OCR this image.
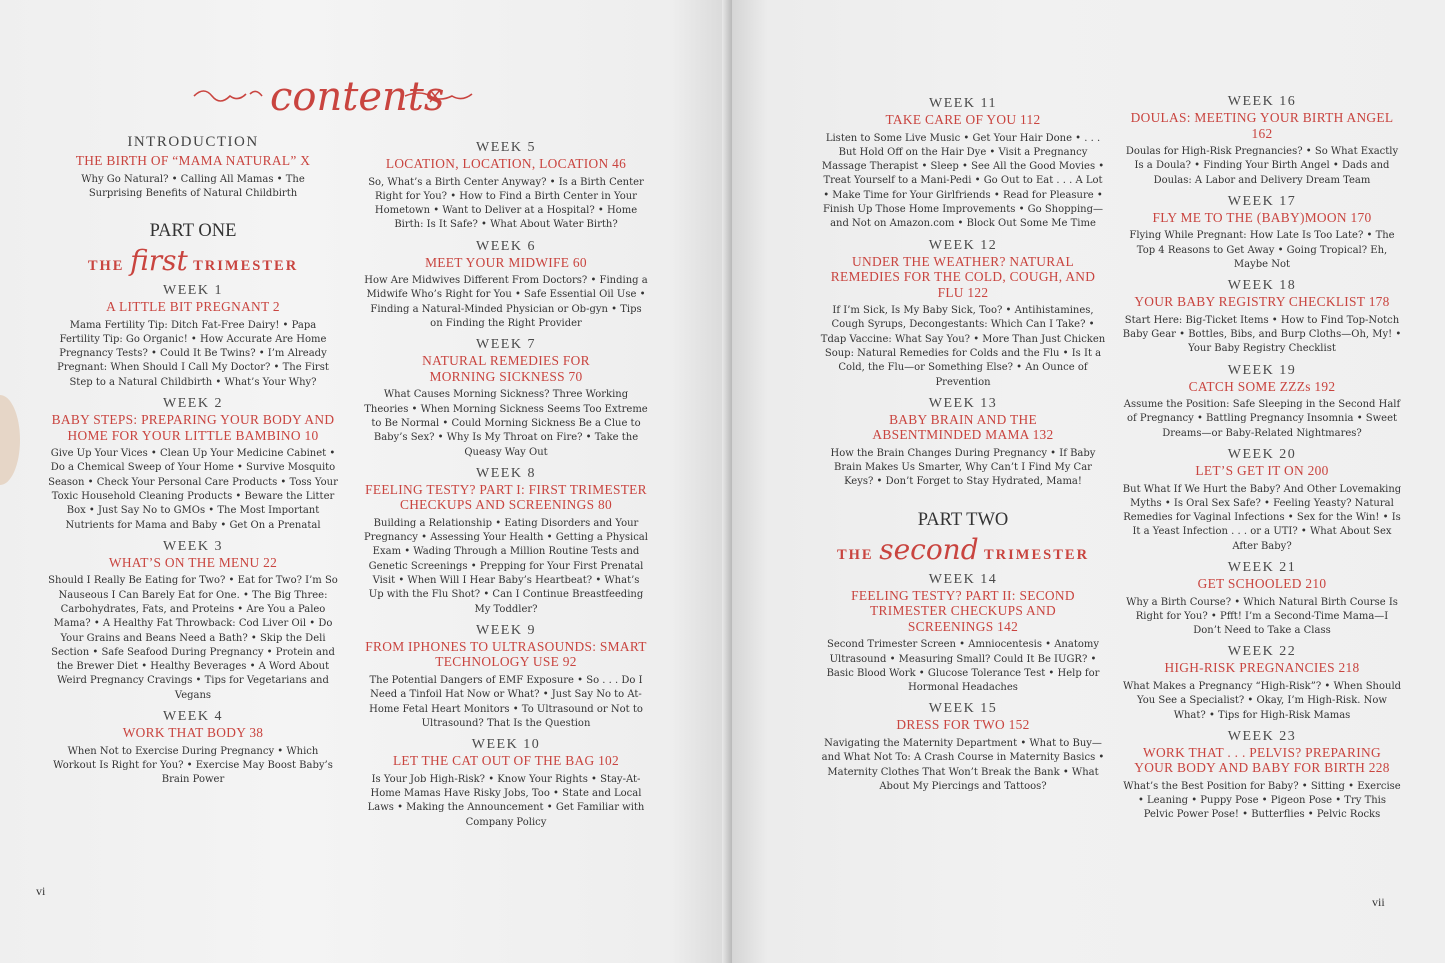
contents
INTRODUCTION
THE BIRTH OF “MAMA NATURAL” X
Why Go Natural? • Calling All Mamas • The Surprising Benefits of Natural Childbirth
PART ONE
THE first TRIMESTER
WEEK 1
A LITTLE BIT PREGNANT 2
Mama Fertility Tip: Ditch Fat-Free Dairy! • Papa Fertility Tip: Go Organic! • How Accurate Are Home Pregnancy Tests? • Could It Be Twins? • I’m Already Pregnant: When Should I Call My Doctor? • The First Step to a Natural Childbirth • What’s Your Why?
WEEK 2
BABY STEPS: PREPARING YOUR BODY AND HOME FOR YOUR LITTLE BAMBINO 10
Give Up Your Vices • Clean Up Your Medicine Cabinet • Do a Chemical Sweep of Your Home • Survive Mosquito Season • Check Your Personal Care Products • Toss Your Toxic Household Cleaning Products • Beware the Litter Box • Just Say No to GMOs • The Most Important Nutrients for Mama and Baby • Get On a Prenatal
WEEK 3
WHAT’S ON THE MENU 22
Should I Really Be Eating for Two? • Eat for Two? I’m So Nauseous I Can Barely Eat for One. • The Big Three: Carbohydrates, Fats, and Proteins • Are You a Paleo Mama? • A Healthy Fat Throwback: Cod Liver Oil • Do Your Grains and Beans Need a Bath? • Skip the Deli Section • Safe Seafood During Pregnancy • Protein and the Brewer Diet • Healthy Beverages • A Word About Weird Pregnancy Cravings • Tips for Vegetarians and Vegans
WEEK 4
WORK THAT BODY 38
When Not to Exercise During Pregnancy • Which Workout Is Right for You? • Exercise May Boost Baby’s Brain Power
WEEK 5
LOCATION, LOCATION, LOCATION 46
So, What’s a Birth Center Anyway? • Is a Birth Center Right for You? • How to Find a Birth Center in Your Hometown • Want to Deliver at a Hospital? • Home Birth: Is It Safe? • What About Water Birth?
WEEK 6
MEET YOUR MIDWIFE 60
How Are Midwives Different From Doctors? • Finding a Midwife Who’s Right for You • Safe Essential Oil Use • Finding a Natural-Minded Physician or Ob-gyn • Tips on Finding the Right Provider
WEEK 7
NATURAL REMEDIES FOR MORNING SICKNESS 70
What Causes Morning Sickness? Three Working Theories • When Morning Sickness Seems Too Extreme to Be Normal • Could Morning Sickness Be a Clue to Baby’s Sex? • Why Is My Throat on Fire? • Take the Queasy Way Out
WEEK 8
FEELING TESTY? PART I: FIRST TRIMESTER CHECKUPS AND SCREENINGS 80
Building a Relationship • Eating Disorders and Your Pregnancy • Assessing Your Health • Getting a Physical Exam • Wading Through a Million Routine Tests and Genetic Screenings • Prepping for Your First Prenatal Visit • When Will I Hear Baby’s Heartbeat? • What’s Up with the Flu Shot? • Can I Continue Breastfeeding My Toddler?
WEEK 9
FROM IPHONES TO ULTRASOUNDS: SMART TECHNOLOGY USE 92
The Potential Dangers of EMF Exposure • So . . . Do I Need a Tinfoil Hat Now or What? • Just Say No to At-Home Fetal Heart Monitors • To Ultrasound or Not to Ultrasound? That Is the Question
WEEK 10
LET THE CAT OUT OF THE BAG 102
Is Your Job High-Risk? • Know Your Rights • Stay-At-Home Mamas Have Risky Jobs, Too • State and Local Laws • Making the Announcement • Get Familiar with Company Policy
vi
WEEK 11
TAKE CARE OF YOU 112
Listen to Some Live Music • Get Your Hair Done • . . . But Hold Off on the Hair Dye • Visit a Pregnancy Massage Therapist • Sleep • See All the Good Movies • Treat Yourself to a Mani-Pedi • Go Out to Eat . . . A Lot • Make Time for Your Girlfriends • Read for Pleasure • Finish Up Those Home Improvements • Go Shopping—and Not on Amazon.com • Block Out Some Me Time
WEEK 12
UNDER THE WEATHER? NATURAL REMEDIES FOR THE COLD, COUGH, AND FLU 122
If I’m Sick, Is My Baby Sick, Too? • Antihistamines, Cough Syrups, Decongestants: Which Can I Take? • Tdap Vaccine: What Say You? • More Than Just Chicken Soup: Natural Remedies for Colds and the Flu • Is It a Cold, the Flu—or Something Else? • An Ounce of Prevention
WEEK 13
BABY BRAIN AND THE ABSENTMINDED MAMA 132
How the Brain Changes During Pregnancy • If Baby Brain Makes Us Smarter, Why Can’t I Find My Car Keys? • Don’t Forget to Stay Hydrated, Mama!
PART TWO
THE second TRIMESTER
WEEK 14
FEELING TESTY? PART II: SECOND TRIMESTER CHECKUPS AND SCREENINGS 142
Second Trimester Screen • Amniocentesis • Anatomy Ultrasound • Measuring Small? Could It Be IUGR? • Basic Blood Work • Glucose Tolerance Test • Help for Hormonal Headaches
WEEK 15
DRESS FOR TWO 152
Navigating the Maternity Department • What to Buy—and What Not To: A Crash Course in Maternity Basics • Maternity Clothes That Won’t Break the Bank • What About My Piercings and Tattoos?
WEEK 16
DOULAS: MEETING YOUR BIRTH ANGEL 162
Doulas for High-Risk Pregnancies? • So What Exactly Is a Doula? • Finding Your Birth Angel • Dads and Doulas: A Labor and Delivery Dream Team
WEEK 17
FLY ME TO THE (BABY)MOON 170
Flying While Pregnant: How Late Is Too Late? • The Top 4 Reasons to Get Away • Going Tropical? Eh, Maybe Not
WEEK 18
YOUR BABY REGISTRY CHECKLIST 178
Start Here: Big-Ticket Items • How to Find Top-Notch Baby Gear • Bottles, Bibs, and Burp Cloths—Oh, My! • Your Baby Registry Checklist
WEEK 19
CATCH SOME ZZZs 192
Assume the Position: Safe Sleeping in the Second Half of Pregnancy • Battling Pregnancy Insomnia • Sweet Dreams—or Baby-Related Nightmares?
WEEK 20
LET’S GET IT ON 200
But What If We Hurt the Baby? And Other Lovemaking Myths • Is Oral Sex Safe? • Feeling Yeasty? Natural Remedies for Vaginal Infections • Sex for the Win! • Is It a Yeast Infection . . . or a UTI? • What About Sex After Baby?
WEEK 21
GET SCHOOLED 210
Why a Birth Course? • Which Natural Birth Course Is Right for You? • Pfft! I’m a Second-Time Mama—I Don’t Need to Take a Class
WEEK 22
HIGH-RISK PREGNANCIES 218
What Makes a Pregnancy “High-Risk”? • When Should You See a Specialist? • Okay, I’m High-Risk. Now What? • Tips for High-Risk Mamas
WEEK 23
WORK THAT . . . PELVIS? PREPARING YOUR BODY AND BABY FOR BIRTH 228
What’s the Best Position for Baby? • Sitting • Exercise • Leaning • Puppy Pose • Pigeon Pose • Try This Pelvic Power Pose! • Butterflies • Pelvic Rocks
vii
